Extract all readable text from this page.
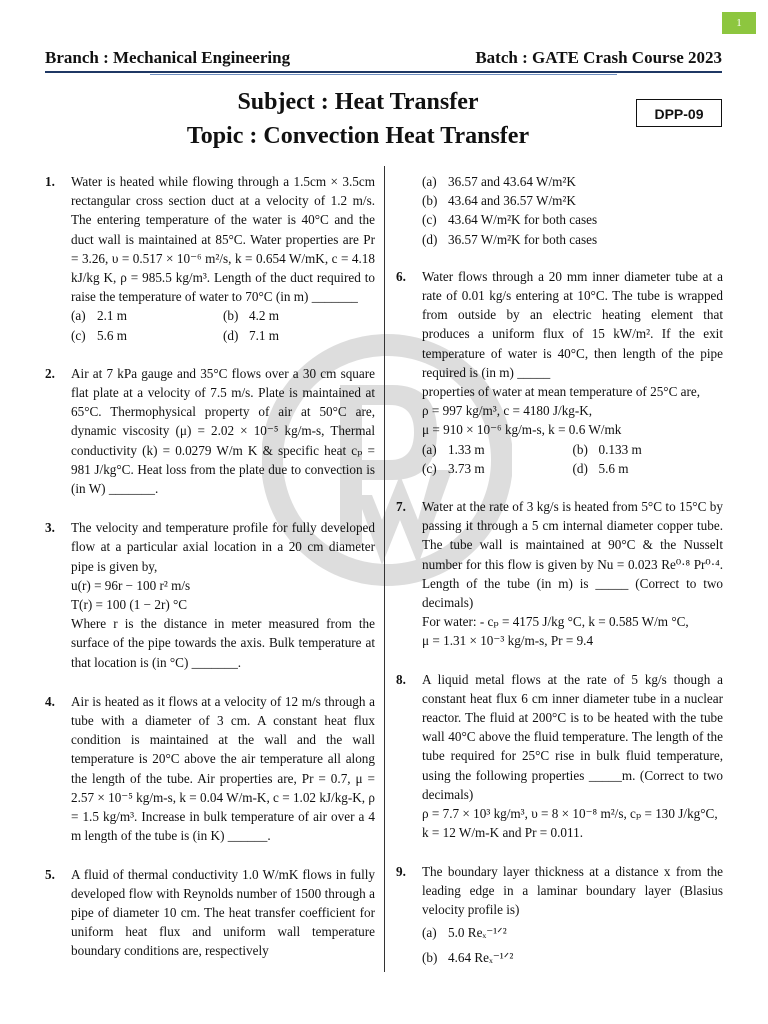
1
Branch : Mechanical Engineering	Batch : GATE Crash Course 2023
Subject : Heat Transfer
Topic : Convection Heat Transfer
DPP-09
1. Water is heated while flowing through a 1.5cm × 3.5cm rectangular cross section duct at a velocity of 1.2 m/s. The entering temperature of the water is 40°C and the duct wall is maintained at 85°C. Water properties are Pr = 3.26, υ = 0.517 × 10⁻⁶ m²/s, k = 0.654 W/mK, c = 4.18 kJ/kg K, ρ = 985.5 kg/m³. Length of the duct required to raise the temperature of water to 70°C (in m) _______
(a) 2.1 m	(b) 4.2 m
(c) 5.6 m	(d) 7.1 m
2. Air at 7 kPa gauge and 35°C flows over a 30 cm square flat plate at a velocity of 7.5 m/s. Plate is maintained at 65°C. Thermophysical property of air at 50°C are, dynamic viscosity (μ) = 2.02 × 10⁻⁵ kg/m-s, Thermal conductivity (k) = 0.0279 W/m K & specific heat cₚ = 981 J/kg°C. Heat loss from the plate due to convection is (in W) _______.
3. The velocity and temperature profile for fully developed flow at a particular axial location in a 20 cm diameter pipe is given by,
u(r) = 96r − 100 r² m/s
T(r) = 100 (1 − 2r) °C
Where r is the distance in meter measured from the surface of the pipe towards the axis. Bulk temperature at that location is (in °C) _______.
4. Air is heated as it flows at a velocity of 12 m/s through a tube with a diameter of 3 cm. A constant heat flux condition is maintained at the wall and the wall temperature is 20°C above the air temperature all along the length of the tube. Air properties are, Pr = 0.7, μ = 2.57 × 10⁻⁵ kg/m-s, k = 0.04 W/m-K, c = 1.02 kJ/kg-K, ρ = 1.5 kg/m³. Increase in bulk temperature of air over a 4 m length of the tube is (in K) ______.
5. A fluid of thermal conductivity 1.0 W/mK flows in fully developed flow with Reynolds number of 1500 through a pipe of diameter 10 cm. The heat transfer coefficient for uniform heat flux and uniform wall temperature boundary conditions are, respectively
(a) 36.57 and 43.64 W/m²K
(b) 43.64 and 36.57 W/m²K
(c) 43.64 W/m²K for both cases
(d) 36.57 W/m²K for both cases
6. Water flows through a 20 mm inner diameter tube at a rate of 0.01 kg/s entering at 10°C. The tube is wrapped from outside by an electric heating element that produces a uniform flux of 15 kW/m². If the exit temperature of water is 40°C, then length of the pipe required is (in m) _____
properties of water at mean temperature of 25°C are,
ρ = 997 kg/m³, c = 4180 J/kg-K,
μ = 910 × 10⁻⁶ kg/m-s, k = 0.6 W/mk
(a) 1.33 m	(b) 0.133 m
(c) 3.73 m	(d) 5.6 m
7. Water at the rate of 3 kg/s is heated from 5°C to 15°C by passing it through a 5 cm internal diameter copper tube. The tube wall is maintained at 90°C & the Nusselt number for this flow is given by Nu = 0.023 Re⁰·⁸ Pr⁰·⁴. Length of the tube (in m) is _____ (Correct to two decimals)
For water: - cₚ = 4175 J/kg °C, k = 0.585 W/m °C,
μ = 1.31 × 10⁻³ kg/m-s, Pr = 9.4
8. A liquid metal flows at the rate of 5 kg/s though a constant heat flux 6 cm inner diameter tube in a nuclear reactor. The fluid at 200°C is to be heated with the tube wall 40°C above the fluid temperature. The length of the tube required for 25°C rise in bulk fluid temperature, using the following properties _____m. (Correct to two decimals)
ρ = 7.7 × 10³ kg/m³, υ = 8 × 10⁻⁸ m²/s, cₚ = 130 J/kg°C,
k = 12 W/m-K and Pr = 0.011.
9. The boundary layer thickness at a distance x from the leading edge in a laminar boundary layer (Blasius velocity profile is)
(a) 5.0 Reₓ⁻¹ᐟ²
(b) 4.64 Reₓ⁻¹ᐟ²
